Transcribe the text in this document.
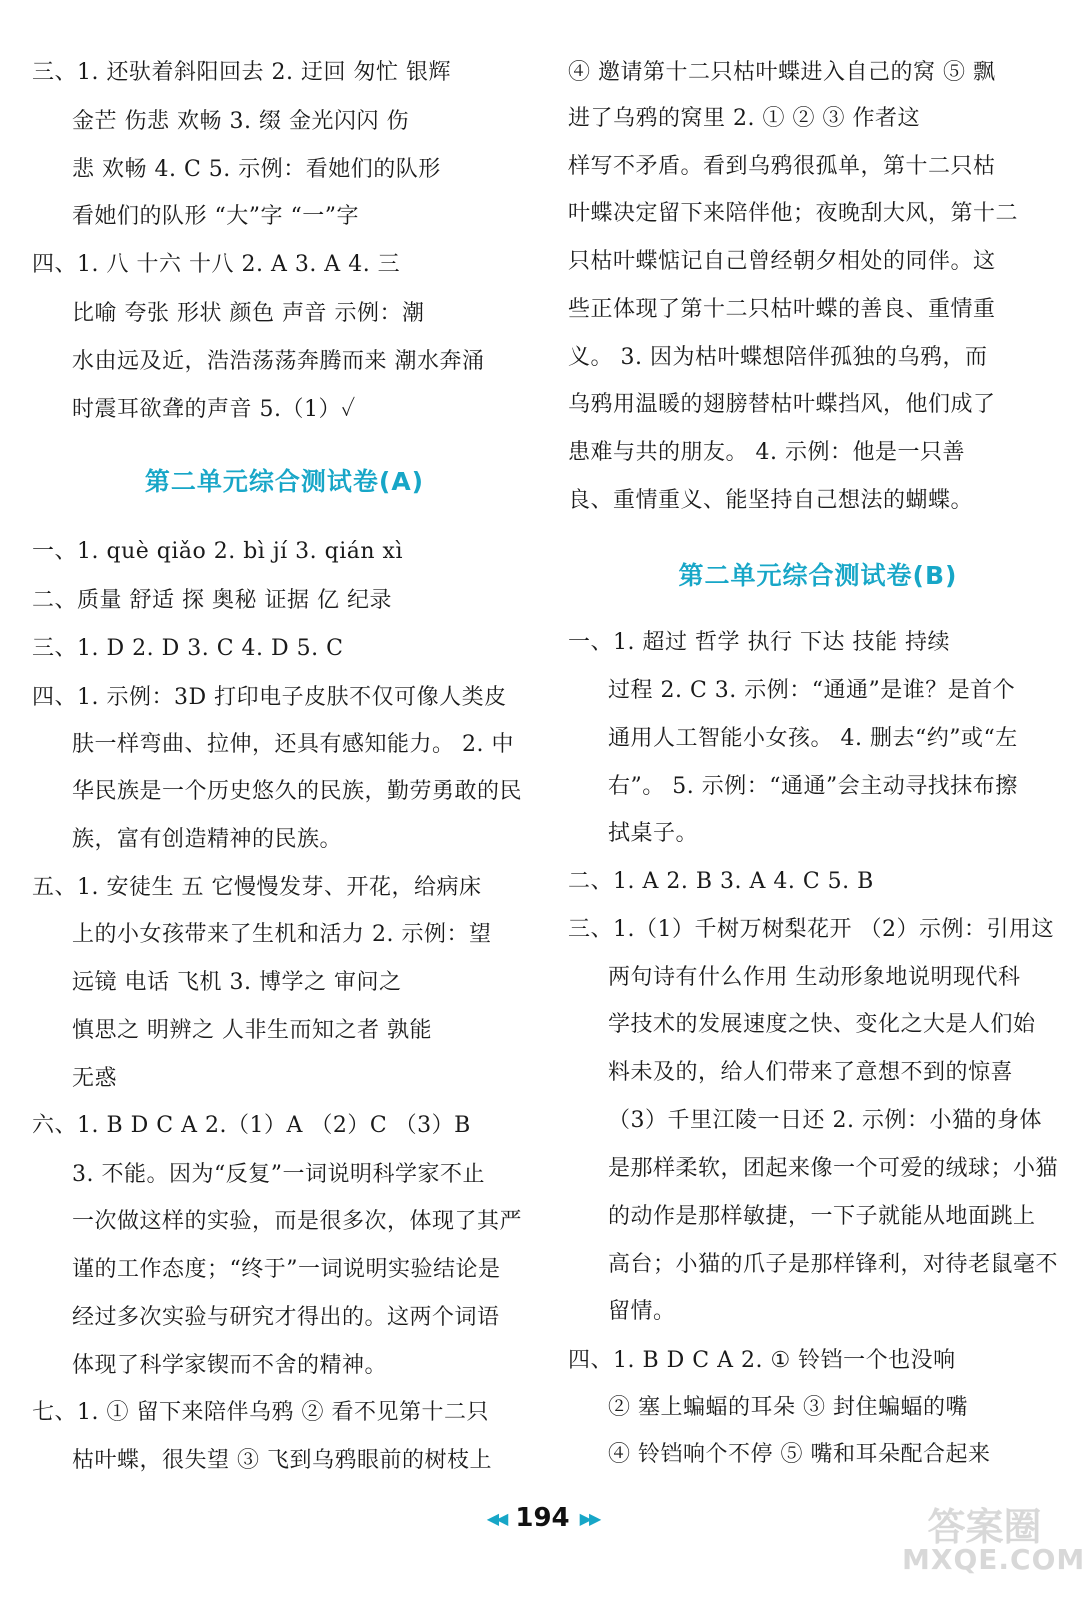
三、1. 还驮着斜阳回去 2. 迂回 匆忙 银辉
金芒 伤悲 欢畅 3. 缀 金光闪闪 伤
悲 欢畅 4. C 5. 示例：看她们的队形
看她们的队形 “大”字 “一”字
四、1. 八 十六 十八 2. A 3. A 4. 三
比喻 夸张 形状 颜色 声音 示例：潮
水由远及近，浩浩荡荡奔腾而来 潮水奔涌
时震耳欲聋的声音 5.（1）✓
第二单元综合测试卷(A)
一、1. què qiǎo 2. bì jí 3. qián xì
二、质量 舒适 探 奥秘 证据 亿 纪录
三、1. D 2. D 3. C 4. D 5. C
四、1. 示例：3D 打印电子皮肤不仅可像人类皮
肤一样弯曲、拉伸，还具有感知能力。 2. 中
华民族是一个历史悠久的民族，勤劳勇敢的民
族，富有创造精神的民族。
五、1. 安徒生 五 它慢慢发芽、开花，给病床
上的小女孩带来了生机和活力 2. 示例：望
远镜 电话 飞机 3. 博学之 审问之
慎思之 明辨之 人非生而知之者 孰能
无惑
六、1. B D C A 2.（1）A （2）C （3）B
3. 不能。因为“反复”一词说明科学家不止
一次做这样的实验，而是很多次，体现了其严
谨的工作态度；“终于”一词说明实验结论是
经过多次实验与研究才得出的。这两个词语
体现了科学家锲而不舍的精神。
七、1. ① 留下来陪伴乌鸦 ② 看不见第十二只
枯叶蝶，很失望 ③ 飞到乌鸦眼前的树枝上
④ 邀请第十二只枯叶蝶进入自己的窝 ⑤ 飘
进了乌鸦的窝里 2. ① ② ③ 作者这
样写不矛盾。看到乌鸦很孤单，第十二只枯
叶蝶决定留下来陪伴他；夜晚刮大风，第十二
只枯叶蝶惦记自己曾经朝夕相处的同伴。这
些正体现了第十二只枯叶蝶的善良、重情重
义。 3. 因为枯叶蝶想陪伴孤独的乌鸦，而
乌鸦用温暖的翅膀替枯叶蝶挡风，他们成了
患难与共的朋友。 4. 示例：他是一只善
良、重情重义、能坚持自己想法的蝴蝶。
第二单元综合测试卷(B)
一、1. 超过 哲学 执行 下达 技能 持续
过程 2. C 3. 示例：“通通”是谁？是首个
通用人工智能小女孩。 4. 删去“约”或“左
右”。 5. 示例：“通通”会主动寻找抹布擦
拭桌子。
二、1. A 2. B 3. A 4. C 5. B
三、1.（1）千树万树梨花开 （2）示例：引用这
两句诗有什么作用 生动形象地说明现代科
学技术的发展速度之快、变化之大是人们始
料未及的，给人们带来了意想不到的惊喜
（3）千里江陵一日还 2. 示例：小猫的身体
是那样柔软，团起来像一个可爱的绒球；小猫
的动作是那样敏捷，一下子就能从地面跳上
高台；小猫的爪子是那样锋利，对待老鼠毫不
留情。
四、1. B D C A 2. ① 铃铛一个也没响
② 塞上蝙蝠的耳朵 ③ 封住蝙蝠的嘴
④ 铃铛响个不停 ⑤ 嘴和耳朵配合起来
◀◀ 194 ▶▶	答案圈
MXQE.COM
